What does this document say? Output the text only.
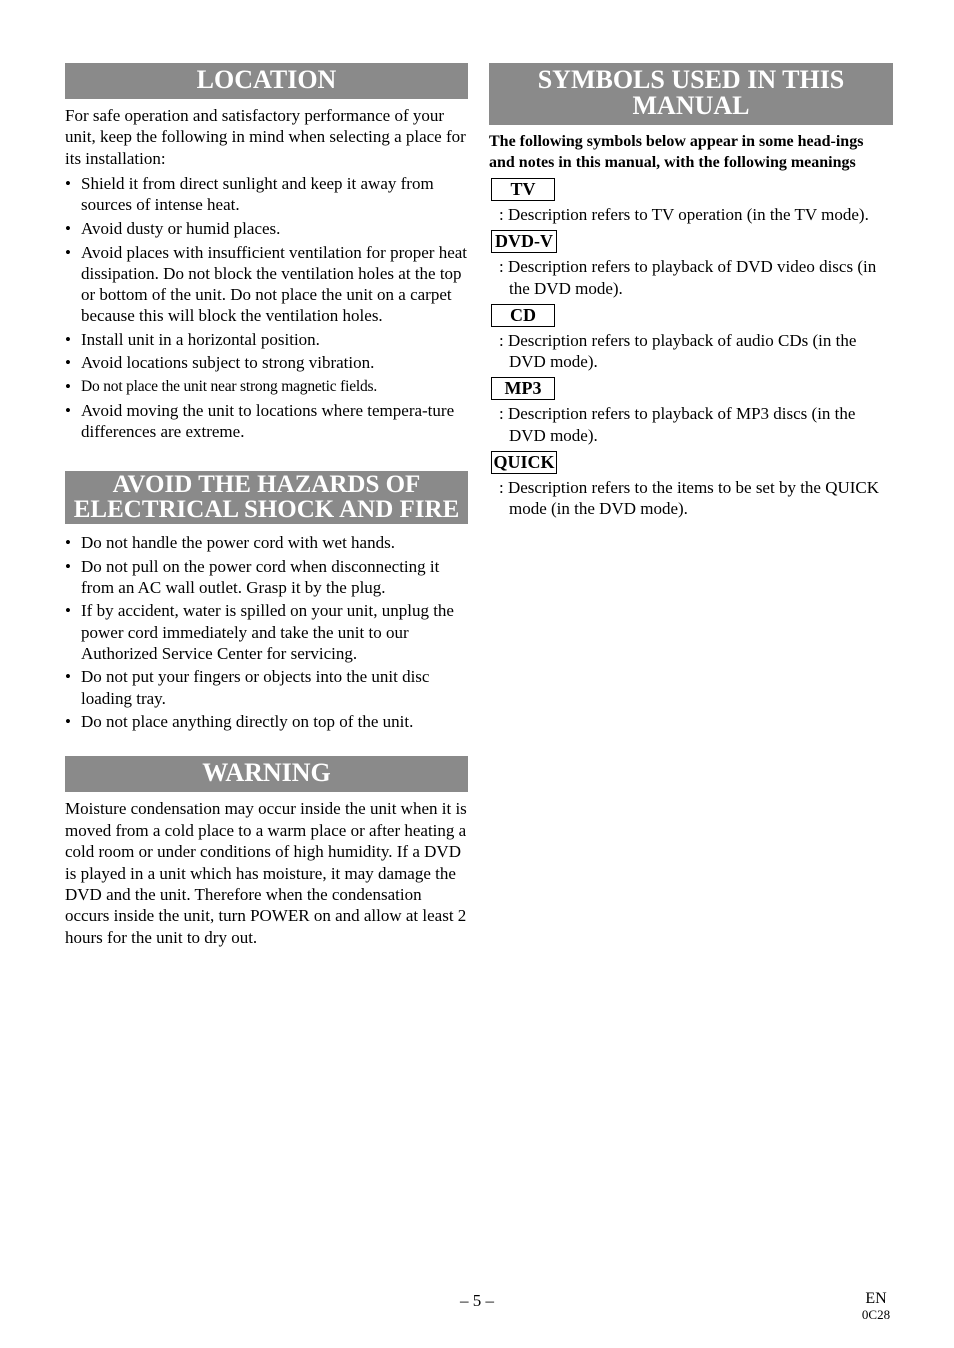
LOCATION

For safe operation and satisfactory performance of your unit, keep the following in mind when selecting a place for its installation:

• Shield it from direct sunlight and keep it away from sources of intense heat.
• Avoid dusty or humid places.
• Avoid places with insufficient ventilation for proper heat dissipation. Do not block the ventilation holes at the top or bottom of the unit. Do not place the unit on a carpet because this will block the ventilation holes.
• Install unit in a horizontal position.
• Avoid locations subject to strong vibration.
• Do not place the unit near strong magnetic fields.
• Avoid moving the unit to locations where tempera-ture differences are extreme.
AVOID THE HAZARDS OF
ELECTRICAL SHOCK AND FIRE
• Do not handle the power cord with wet hands.
• Do not pull on the power cord when disconnecting it from an AC wall outlet. Grasp it by the plug.
• If by accident, water is spilled on your unit, unplug the power cord immediately and take the unit to our Authorized Service Center for servicing.
• Do not put your fingers or objects into the unit disc loading tray.
• Do not place anything directly on top of the unit.
WARNING

Moisture condensation may occur inside the unit when it is moved from a cold place to a warm place or after heating a cold room or under conditions of high humidity. If a DVD is played in a unit which has moisture, it may damage the DVD and the unit. Therefore when the condensation occurs inside the unit, turn POWER on and allow at least 2 hours for the unit to dry out.

SYMBOLS USED IN THIS MANUAL

The following symbols below appear in some head-ings and notes in this manual, with the following meanings

TV

: Description refers to TV operation (in the TV mode).

DVD-V

: Description refers to playback of DVD video discs (in the DVD mode).

CD

: Description refers to playback of audio CDs (in the DVD mode).

MP3

: Description refers to playback of MP3 discs (in the DVD mode).

QUICK

: Description refers to the items to be set by the QUICK mode (in the DVD mode).

– 5 –	EN
0C28
